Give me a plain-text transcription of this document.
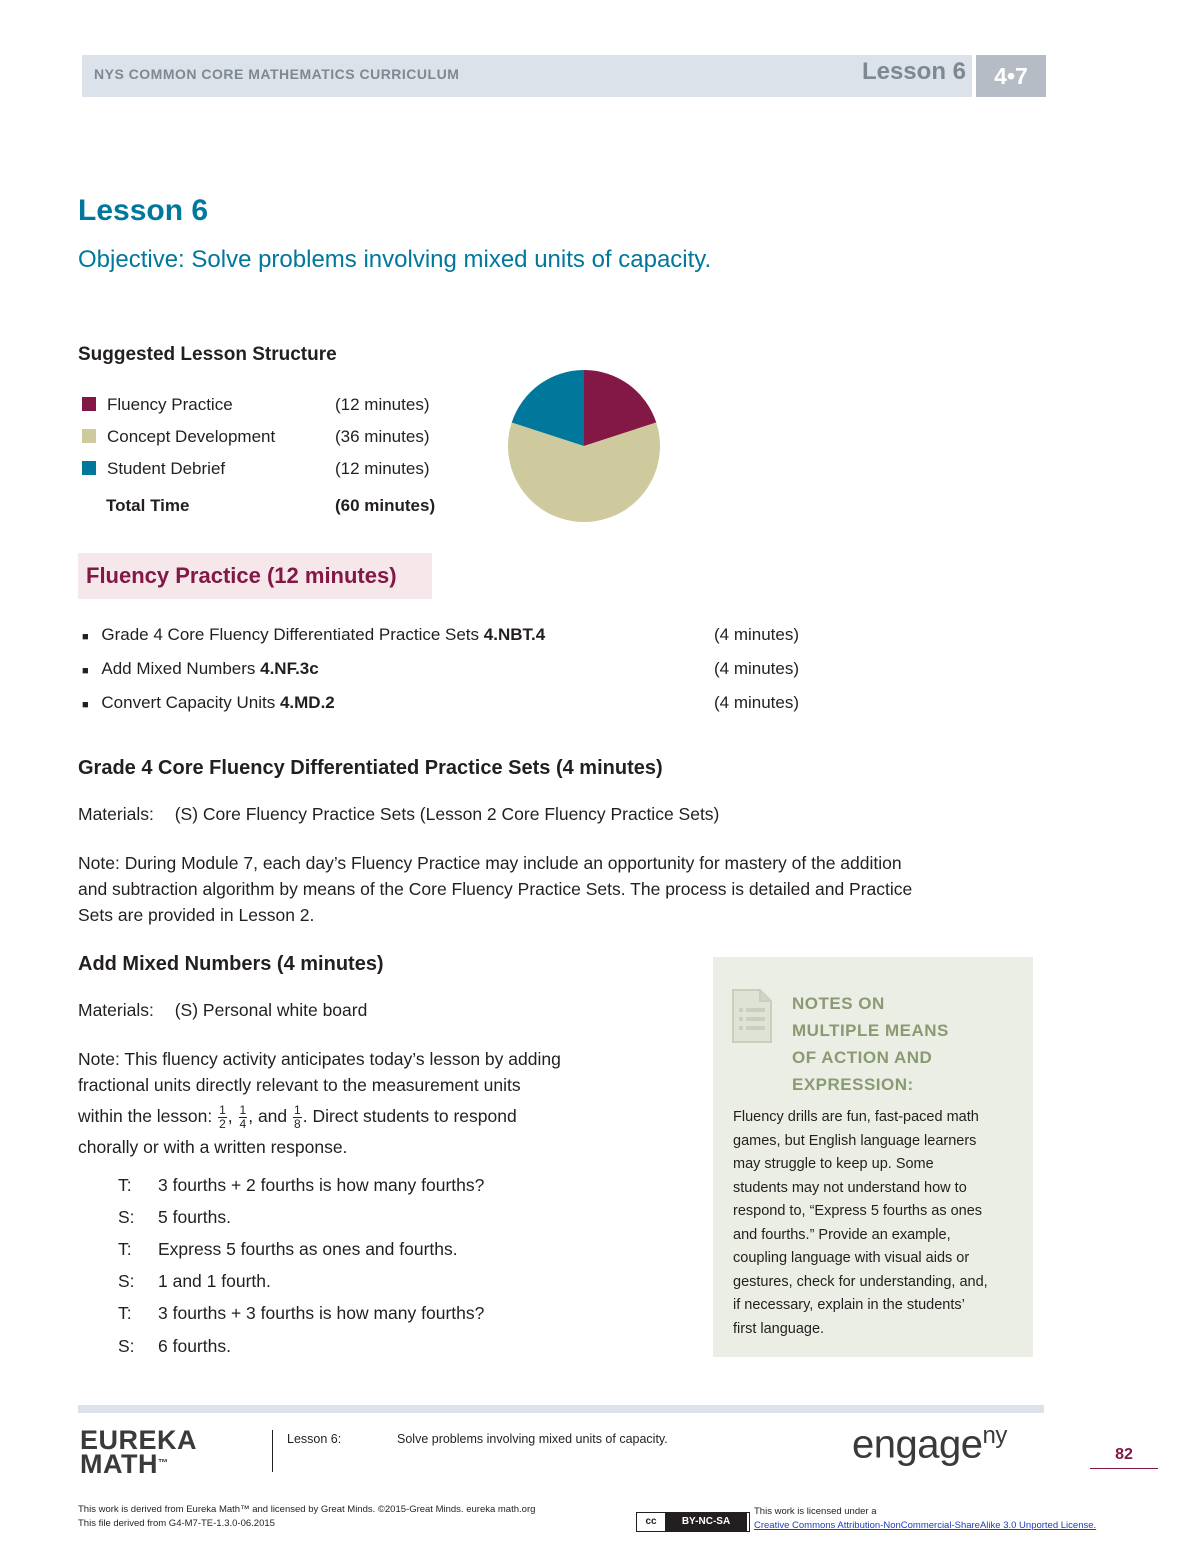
NYS COMMON CORE MATHEMATICS CURRICULUM	Lesson 6	4•7
Lesson 6
Objective: Solve problems involving mixed units of capacity.
Suggested Lesson Structure
Fluency Practice	(12 minutes)
Concept Development	(36 minutes)
Student Debrief	(12 minutes)
Total Time	(60 minutes)
Fluency Practice (12 minutes)
■ Grade 4 Core Fluency Differentiated Practice Sets 4.NBT.4	(4 minutes)
■ Add Mixed Numbers 4.NF.3c	(4 minutes)
■ Convert Capacity Units 4.MD.2	(4 minutes)
Grade 4 Core Fluency Differentiated Practice Sets (4 minutes)
Materials: (S) Core Fluency Practice Sets (Lesson 2 Core Fluency Practice Sets)
Note: During Module 7, each day’s Fluency Practice may include an opportunity for mastery of the addition
and subtraction algorithm by means of the Core Fluency Practice Sets. The process is detailed and Practice
Sets are provided in Lesson 2.
Add Mixed Numbers (4 minutes)
Materials: (S) Personal white board
Note: This fluency activity anticipates today’s lesson by adding
fractional units directly relevant to the measurement units
within the lesson: $\frac{1}{2}$ , $\frac{1}{4}$ , and $\frac{1}{8}$ . Direct students to respond
chorally or with a written response.
T: 3 fourths + 2 fourths is how many fourths?
S: 5 fourths.
T: Express 5 fourths as ones and fourths.
S: 1 and 1 fourth.
T: 3 fourths + 3 fourths is how many fourths?
S: 6 fourths.
NOTES ON
MULTIPLE MEANS
OF ACTION AND
EXPRESSION:
Fluency drills are fun, fast-paced math
games, but English language learners
may struggle to keep up. Some
students may not understand how to
respond to, “Express 5 fourths as ones
and fourths.” Provide an example,
coupling language with visual aids or
gestures, check for understanding, and,
if necessary, explain in the students’
first language.
EUREKA
MATH™
Lesson 6:	Solve problems involving mixed units of capacity.	engage$^{ny}$
82
This work is derived from Eureka Math™ and licensed by Great Minds. ©2015-Great Minds. eureka math.org
This file derived from G4-M7-TE-1.3.0-06.2015	cc	BY-NC-SA
This work is licensed under a
Creative Commons Attribution-NonCommercial-ShareAlike 3.0 Unported License.
